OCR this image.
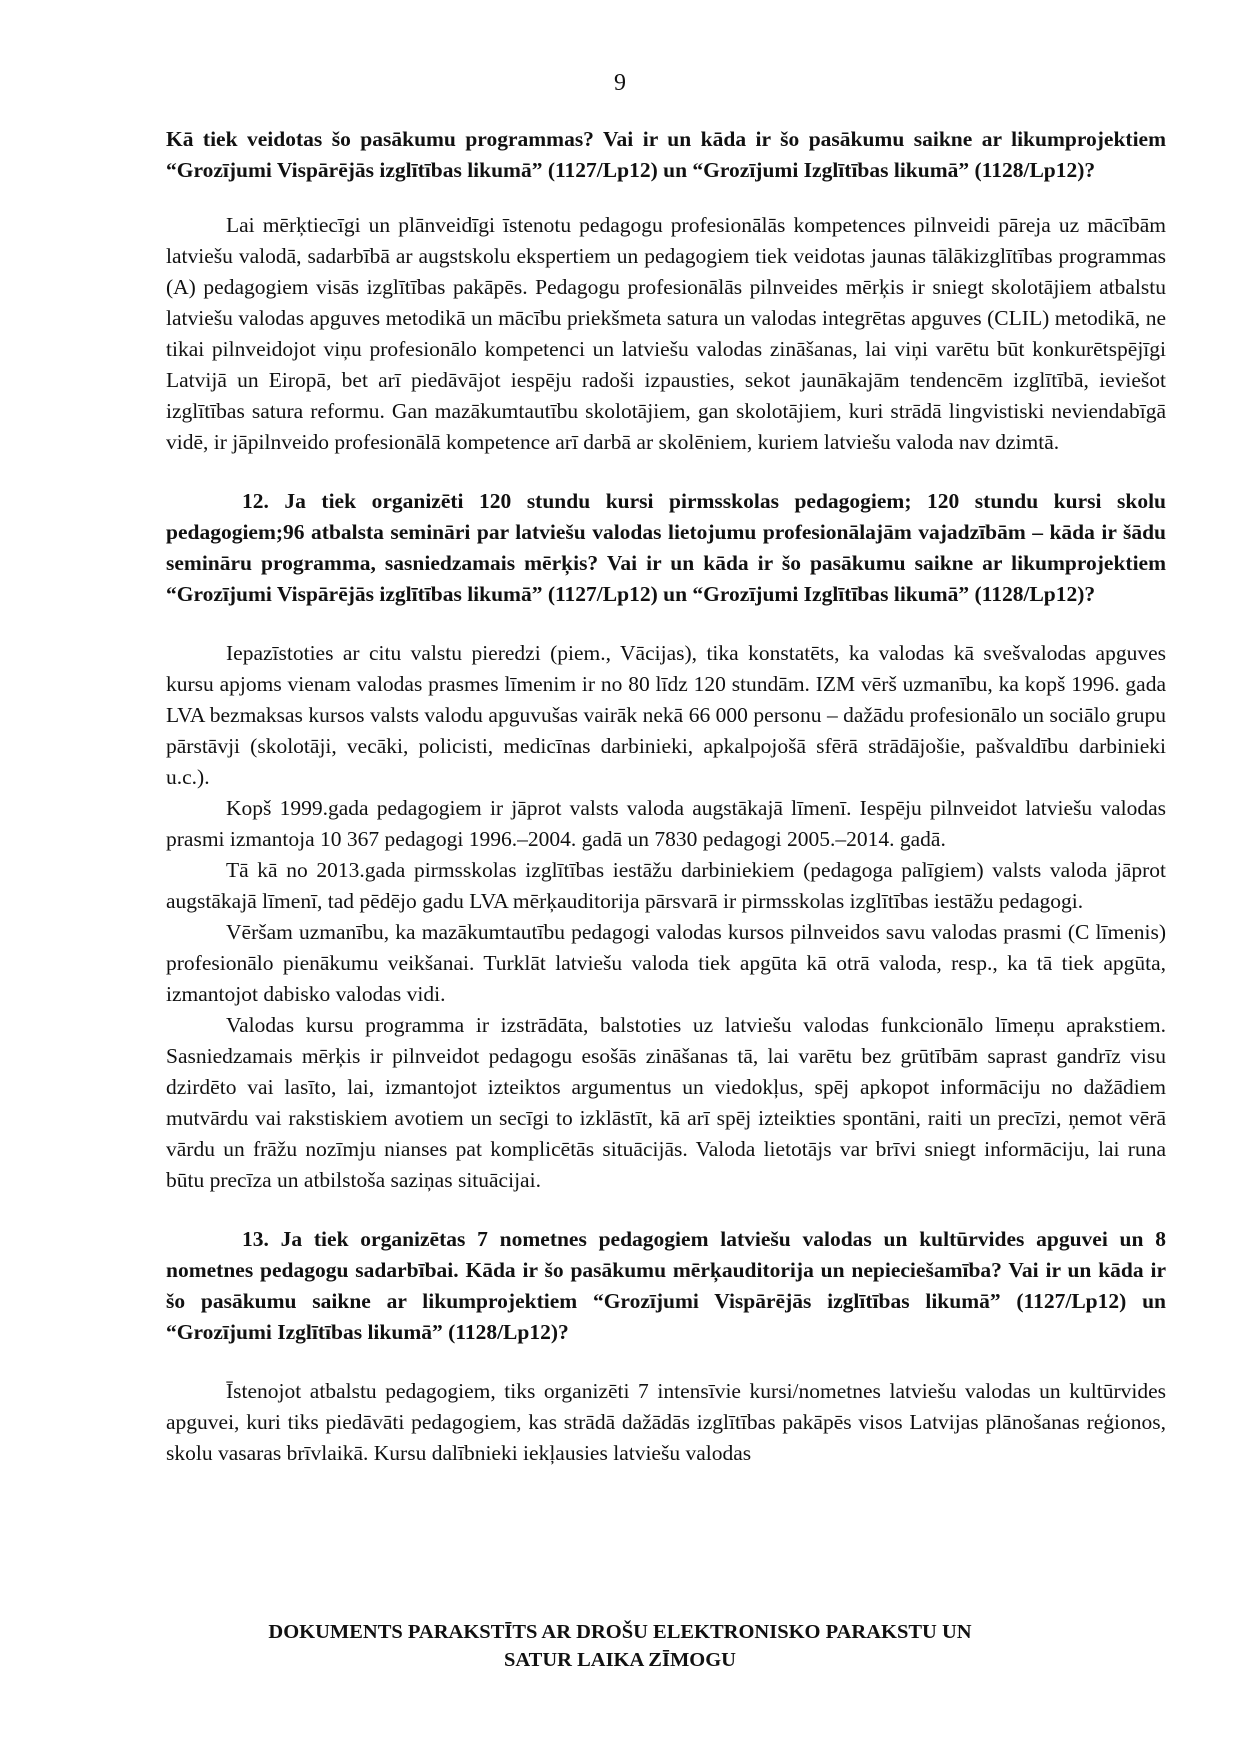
9

Kā tiek veidotas šo pasākumu programmas? Vai ir un kāda ir šo pasākumu saikne ar likumprojektiem “Grozījumi Vispārējās izglītības likumā” (1127/Lp12) un “Grozījumi Izglītības likumā” (1128/Lp12)?

Lai mērķtiecīgi un plānveidīgi īstenotu pedagogu profesionālās kompetences pilnveidi pāreja uz mācībām latviešu valodā, sadarbībā ar augstskolu ekspertiem un pedagogiem tiek veidotas jaunas tālākizglītības programmas (A) pedagogiem visās izglītības pakāpēs. Pedagogu profesionālās pilnveides mērķis ir sniegt skolotājiem atbalstu latviešu valodas apguves metodikā un mācību priekšmeta satura un valodas integrētas apguves (CLIL) metodikā, ne tikai pilnveidojot viņu profesionālo kompetenci un latviešu valodas zināšanas, lai viņi varētu būt konkurētspējīgi Latvijā un Eiropā, bet arī piedāvājot iespēju radoši izpausties, sekot jaunākajām tendencēm izglītībā, ieviešot izglītības satura reformu. Gan mazākumtautību skolotājiem, gan skolotājiem, kuri strādā lingvistiski neviendabīgā vidē, ir jāpilnveido profesionālā kompetence arī darbā ar skolēniem, kuriem latviešu valoda nav dzimtā.

12. Ja tiek organizēti 120 stundu kursi pirmsskolas pedagogiem; 120 stundu kursi skolu pedagogiem;96 atbalsta semināri par latviešu valodas lietojumu profesionālajām vajadzībām – kāda ir šādu semināru programma, sasniedzamais mērķis? Vai ir un kāda ir šo pasākumu saikne ar likumprojektiem “Grozījumi Vispārējās izglītības likumā” (1127/Lp12) un “Grozījumi Izglītības likumā” (1128/Lp12)?

Iepazīstoties ar citu valstu pieredzi (piem., Vācijas), tika konstatēts, ka valodas kā svešvalodas apguves kursu apjoms vienam valodas prasmes līmenim ir no 80 līdz 120 stundām. IZM vērš uzmanību, ka kopš 1996. gada LVA bezmaksas kursos valsts valodu apguvušas vairāk nekā 66 000 personu – dažādu profesionālo un sociālo grupu pārstāvji (skolotāji, vecāki, policisti, medicīnas darbinieki, apkalpojošā sfērā strādājošie, pašvaldību darbinieki u.c.).

Kopš 1999.gada pedagogiem ir jāprot valsts valoda augstākajā līmenī. Iespēju pilnveidot latviešu valodas prasmi izmantoja 10 367 pedagogi 1996.–2004. gadā un 7830 pedagogi 2005.–2014. gadā.

Tā kā no 2013.gada pirmsskolas izglītības iestāžu darbiniekiem (pedagoga palīgiem) valsts valoda jāprot augstākajā līmenī, tad pēdējo gadu LVA mērķauditorija pārsvarā ir pirmsskolas izglītības iestāžu pedagogi.

Vēršam uzmanību, ka mazākumtautību pedagogi valodas kursos pilnveidos savu valodas prasmi (C līmenis) profesionālo pienākumu veikšanai. Turklāt latviešu valoda tiek apgūta kā otrā valoda, resp., ka tā tiek apgūta, izmantojot dabisko valodas vidi.

Valodas kursu programma ir izstrādāta, balstoties uz latviešu valodas funkcionālo līmeņu aprakstiem. Sasniedzamais mērķis ir pilnveidot pedagogu esošās zināšanas tā, lai varētu bez grūtībām saprast gandrīz visu dzirdēto vai lasīto, lai, izmantojot izteiktos argumentus un viedokļus, spēj apkopot informāciju no dažādiem mutvārdu vai rakstiskiem avotiem un secīgi to izklāstīt, kā arī spēj izteikties spontāni, raiti un precīzi, ņemot vērā vārdu un frāžu nozīmju nianses pat komplicētās situācijās. Valoda lietotājs var brīvi sniegt informāciju, lai runa būtu precīza un atbilstoša saziņas situācijai.

13. Ja tiek organizētas 7 nometnes pedagogiem latviešu valodas un kultūrvides apguvei un 8 nometnes pedagogu sadarbībai. Kāda ir šo pasākumu mērķauditorija un nepieciešamība? Vai ir un kāda ir šo pasākumu saikne ar likumprojektiem “Grozījumi Vispārējās izglītības likumā” (1127/Lp12) un “Grozījumi Izglītības likumā” (1128/Lp12)?

Īstenojot atbalstu pedagogiem, tiks organizēti 7 intensīvie kursi/nometnes latviešu valodas un kultūrvides apguvei, kuri tiks piedāvāti pedagogiem, kas strādā dažādās izglītības pakāpēs visos Latvijas plānošanas reģionos, skolu vasaras brīvlaikā. Kursu dalībnieki iekļausies latviešu valodas

DOKUMENTS PARAKSTĪTS AR DROŠU ELEKTRONISKO PARAKSTU UN
SATUR LAIKA ZĪMOGU
